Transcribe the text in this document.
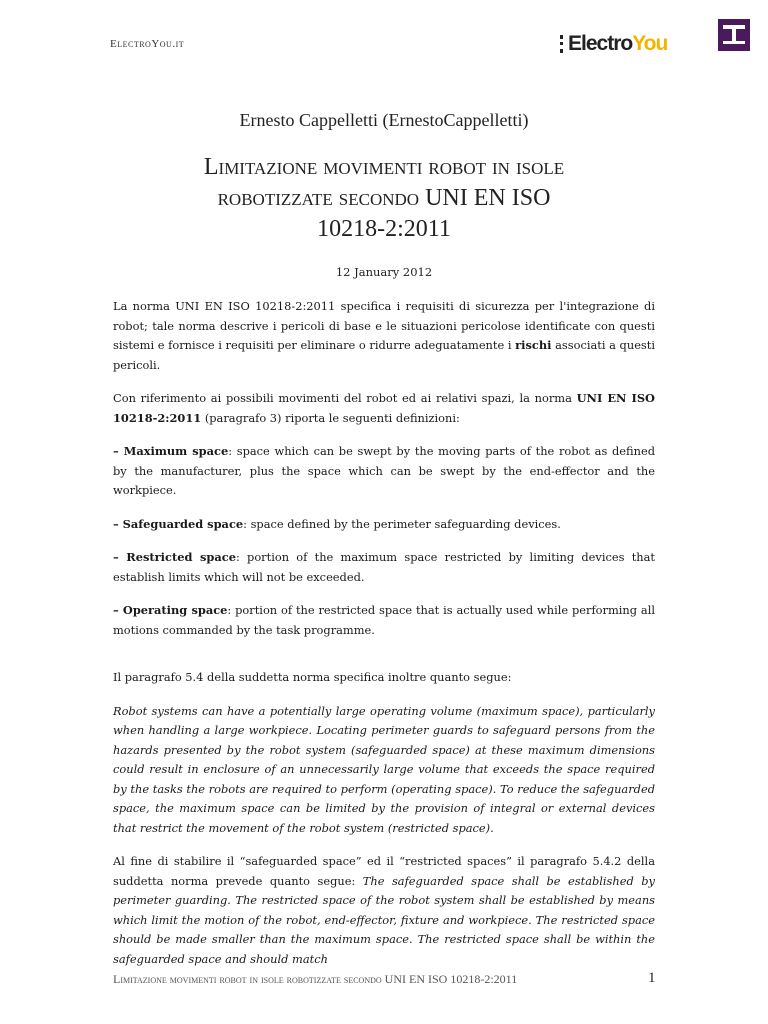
ElectroYou.it	Electro You
Ernesto Cappelletti (ErnestoCappelletti)
Limitazione movimenti robot in isole
robotizzate secondo UNI EN ISO
10218-2:2011
12 January 2012

La norma UNI EN ISO 10218-2:2011 specifica i requisiti di sicurezza per l'integrazione di robot; tale norma descrive i pericoli di base e le situazioni pericolose identificate con questi sistemi e fornisce i requisiti per eliminare o ridurre adeguatamente i rischi associati a questi pericoli.

Con riferimento ai possibili movimenti del robot ed ai relativi spazi, la norma UNI EN ISO 10218-2:2011 (paragrafo 3) riporta le seguenti definizioni:

– Maximum space: space which can be swept by the moving parts of the robot as defined by the manufacturer, plus the space which can be swept by the end-effector and the workpiece.

– Safeguarded space: space defined by the perimeter safeguarding devices.

– Restricted space: portion of the maximum space restricted by limiting devices that establish limits which will not be exceeded.

– Operating space: portion of the restricted space that is actually used while performing all motions commanded by the task programme.

Il paragrafo 5.4 della suddetta norma specifica inoltre quanto segue:

Robot systems can have a potentially large operating volume (maximum space), particularly when handling a large workpiece. Locating perimeter guards to safeguard persons from the hazards presented by the robot system (safeguarded space) at these maximum dimensions could result in enclosure of an unnecessarily large volume that exceeds the space required by the tasks the robots are required to perform (operating space). To reduce the safeguarded space, the maximum space can be limited by the provision of integral or external devices that restrict the movement of the robot system (restricted space).

Al fine di stabilire il “safeguarded space” ed il “restricted spaces” il paragrafo 5.4.2 della suddetta norma prevede quanto segue: The safeguarded space shall be established by perimeter guarding. The restricted space of the robot system shall be established by means which limit the motion of the robot, end-effector, fixture and workpiece. The restricted space should be made smaller than the maximum space. The restricted space shall be within the safeguarded space and should match

Limitazione movimenti robot in isole robotizzate secondo UNI EN ISO 10218-2:2011	1
